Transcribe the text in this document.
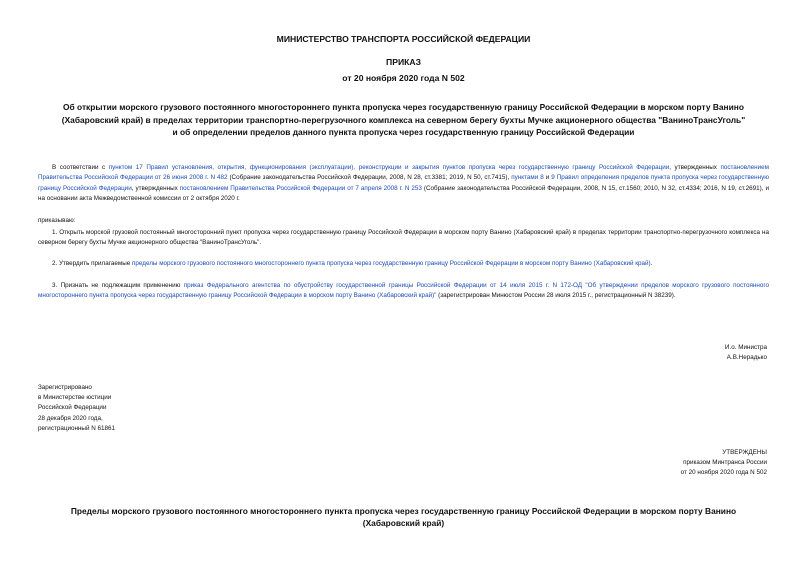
МИНИСТЕРСТВО ТРАНСПОРТА РОССИЙСКОЙ ФЕДЕРАЦИИ
ПРИКАЗ
от 20 ноября 2020 года N 502
Об открытии морского грузового постоянного многостороннего пункта пропуска через государственную границу Российской Федерации в морском порту Ванино
(Хабаровский край) в пределах территории транспортно-перегрузочного комплекса на северном берегу бухты Мучке акционерного общества "ВаниноТрансУголь"
и об определении пределов данного пункта пропуска через государственную границу Российской Федерации
В соответствии с пунктом 17 Правил установления, открытия, функционирования (эксплуатации), реконструкции и закрытия пунктов пропуска через государственную границу Российской Федерации, утвержденных постановлением Правительства Российской Федерации от 26 июня 2008 г. N 482 (Собрание законодательства Российской Федерации, 2008, N 28, ст.3381; 2019, N 50, ст.7415), пунктами 8 и 9 Правил определения пределов пункта пропуска через государственную границу Российской Федерации, утвержденных постановлением Правительства Российской Федерации от 7 апреля 2008 г. N 253 (Собрание законодательства Российской Федерации, 2008, N 15, ст.1560; 2010, N 32, ст.4334; 2016, N 19, ст.2691), и на основании акта Межведомственной комиссии от 2 октября 2020 г.
приказываю:
1. Открыть морской грузовой постоянный многосторонний пункт пропуска через государственную границу Российской Федерации в морском порту Ванино (Хабаровский край) в пределах территории транспортно-перегрузочного комплекса на северном берегу бухты Мучке акционерного общества "ВаниноТрансУголь".
2. Утвердить прилагаемые пределы морского грузового постоянного многостороннего пункта пропуска через государственную границу Российской Федерации в морском порту Ванино (Хабаровский край).
3. Признать не подлежащим применению приказ Федерального агентства по обустройству государственной границы Российской Федерации от 14 июля 2015 г. N 172-ОД "Об утверждении пределов морского грузового постоянного многостороннего пункта пропуска через государственную границу Российской Федерации в морском порту Ванино (Хабаровский край)" (зарегистрирован Минюстом России 28 июля 2015 г., регистрационный N 38239).
И.о. Министра
А.В.Нерадько
Зарегистрировано
в Министерстве юстиции
Российской Федерации
28 декабря 2020 года,
регистрационный N 61861
УТВЕРЖДЕНЫ
приказом Минтранса России
от 20 ноября 2020 года N 502
Пределы морского грузового постоянного многостороннего пункта пропуска через государственную границу Российской Федерации в морском порту Ванино
(Хабаровский край)
